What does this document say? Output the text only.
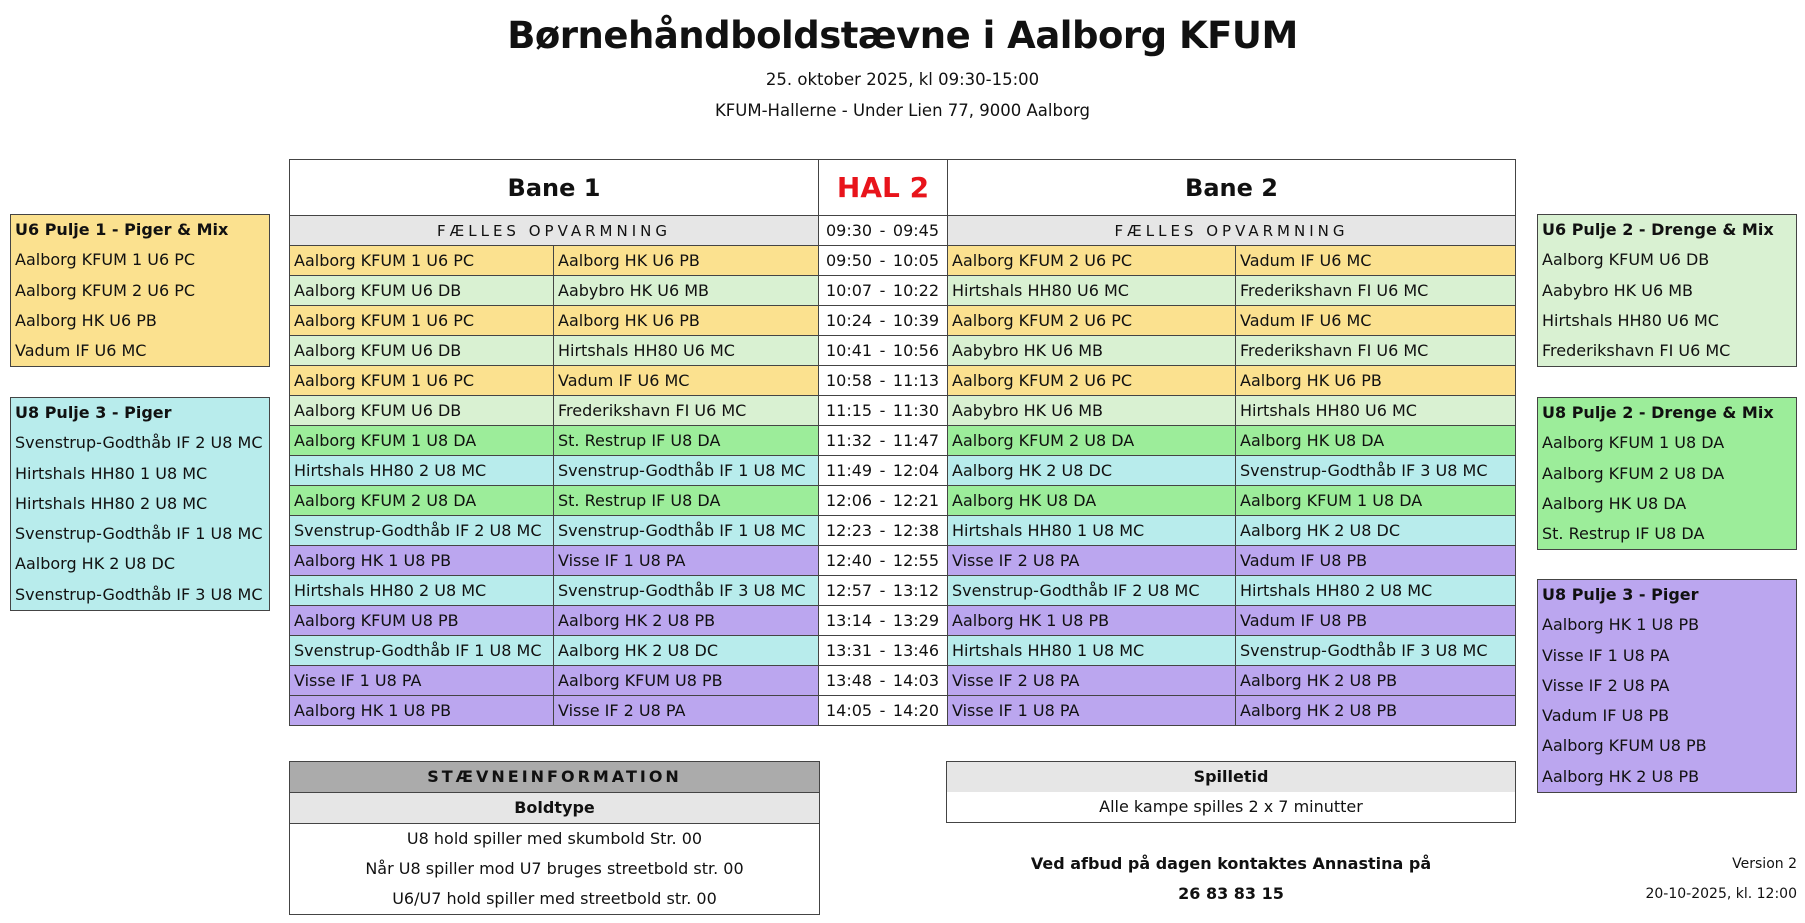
Børnehåndboldstævne i Aalborg KFUM
25. oktober 2025, kl 09:30-15:00
KFUM-Hallerne - Under Lien 77, 9000 Aalborg
Bane 1		HAL 2	Bane 2	
FÆLLES OPVARMNING		09:30 - 09:45	FÆLLES OPVARMNING	
Aalborg KFUM 1 U6 PC	Aalborg HK U6 PB	09:50 - 10:05	Aalborg KFUM 2 U6 PC	Vadum IF U6 MC
Aalborg KFUM U6 DB	Aabybro HK U6 MB	10:07 - 10:22	Hirtshals HH80 U6 MC	Frederikshavn FI U6 MC
Aalborg KFUM 1 U6 PC	Aalborg HK U6 PB	10:24 - 10:39	Aalborg KFUM 2 U6 PC	Vadum IF U6 MC
Aalborg KFUM U6 DB	Hirtshals HH80 U6 MC	10:41 - 10:56	Aabybro HK U6 MB	Frederikshavn FI U6 MC
Aalborg KFUM 1 U6 PC	Vadum IF U6 MC	10:58 - 11:13	Aalborg KFUM 2 U6 PC	Aalborg HK U6 PB
Aalborg KFUM U6 DB	Frederikshavn FI U6 MC	11:15 - 11:30	Aabybro HK U6 MB	Hirtshals HH80 U6 MC
Aalborg KFUM 1 U8 DA	St. Restrup IF U8 DA	11:32 - 11:47	Aalborg KFUM 2 U8 DA	Aalborg HK U8 DA
Hirtshals HH80 2 U8 MC	Svenstrup-Godthåb IF 1 U8 MC	11:49 - 12:04	Aalborg HK 2 U8 DC	Svenstrup-Godthåb IF 3 U8 MC
Aalborg KFUM 2 U8 DA	St. Restrup IF U8 DA	12:06 - 12:21	Aalborg HK U8 DA	Aalborg KFUM 1 U8 DA
Svenstrup-Godthåb IF 2 U8 MC	Svenstrup-Godthåb IF 1 U8 MC	12:23 - 12:38	Hirtshals HH80 1 U8 MC	Aalborg HK 2 U8 DC
Aalborg HK 1 U8 PB	Visse IF 1 U8 PA	12:40 - 12:55	Visse IF 2 U8 PA	Vadum IF U8 PB
Hirtshals HH80 2 U8 MC	Svenstrup-Godthåb IF 3 U8 MC	12:57 - 13:12	Svenstrup-Godthåb IF 2 U8 MC	Hirtshals HH80 2 U8 MC
Aalborg KFUM U8 PB	Aalborg HK 2 U8 PB	13:14 - 13:29	Aalborg HK 1 U8 PB	Vadum IF U8 PB
Svenstrup-Godthåb IF 1 U8 MC	Aalborg HK 2 U8 DC	13:31 - 13:46	Hirtshals HH80 1 U8 MC	Svenstrup-Godthåb IF 3 U8 MC
Visse IF 1 U8 PA	Aalborg KFUM U8 PB	13:48 - 14:03	Visse IF 2 U8 PA	Aalborg HK 2 U8 PB
Aalborg HK 1 U8 PB	Visse IF 2 U8 PA	14:05 - 14:20	Visse IF 1 U8 PA	Aalborg HK 2 U8 PB
U6 Pulje 1 - Piger & Mix
Aalborg KFUM 1 U6 PC
Aalborg KFUM 2 U6 PC
Aalborg HK U6 PB
Vadum IF U6 MC
U8 Pulje 3 - Piger
Svenstrup-Godthåb IF 2 U8 MC
Hirtshals HH80 1 U8 MC
Hirtshals HH80 2 U8 MC
Svenstrup-Godthåb IF 1 U8 MC
Aalborg HK 2 U8 DC
Svenstrup-Godthåb IF 3 U8 MC
U6 Pulje 2 - Drenge & Mix
Aalborg KFUM U6 DB
Aabybro HK U6 MB
Hirtshals HH80 U6 MC
Frederikshavn FI U6 MC
U8 Pulje 2 - Drenge & Mix
Aalborg KFUM 1 U8 DA
Aalborg KFUM 2 U8 DA
Aalborg HK U8 DA
St. Restrup IF U8 DA
U8 Pulje 3 - Piger
Aalborg HK 1 U8 PB
Visse IF 1 U8 PA
Visse IF 2 U8 PA
Vadum IF U8 PB
Aalborg KFUM U8 PB
Aalborg HK 2 U8 PB
STÆVNEINFORMATION
Boldtype
U8 hold spiller med skumbold Str. 00
Når U8 spiller mod U7 bruges streetbold str. 00
U6/U7 hold spiller med streetbold str. 00
Spilletid
Alle kampe spilles 2 x 7 minutter
Ved afbud på dagen kontaktes Annastina på
26 83 83 15
Version 2
20-10-2025, kl. 12:00
